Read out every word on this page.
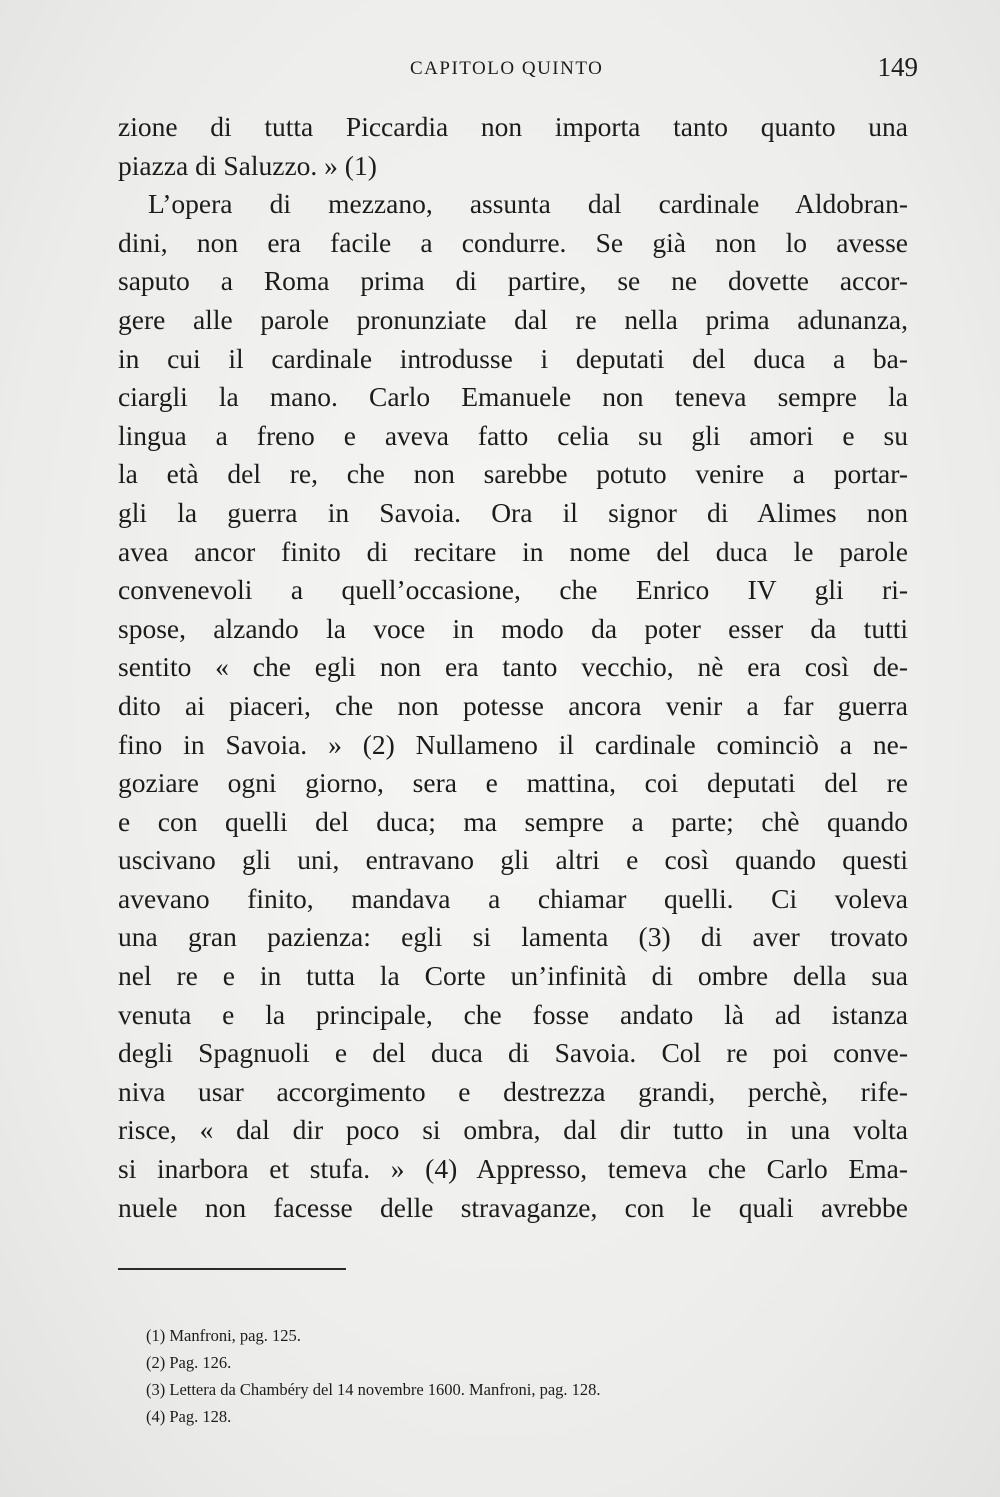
CAPITOLO QUINTO	149
zione di tutta Piccardia non importa tanto quanto una
piazza di Saluzzo. » (1)
L’opera di mezzano, assunta dal cardinale Aldobran-
dini, non era facile a condurre. Se già non lo avesse
saputo a Roma prima di partire, se ne dovette accor-
gere alle parole pronunziate dal re nella prima adunanza,
in cui il cardinale introdusse i deputati del duca a ba-
ciargli la mano. Carlo Emanuele non teneva sempre la
lingua a freno e aveva fatto celia su gli amori e su
la età del re, che non sarebbe potuto venire a portar-
gli la guerra in Savoia. Ora il signor di Alimes non
avea ancor finito di recitare in nome del duca le parole
convenevoli a quell’occasione, che Enrico IV gli ri-
spose, alzando la voce in modo da poter esser da tutti
sentito « che egli non era tanto vecchio, nè era così de-
dito ai piaceri, che non potesse ancora venir a far guerra
fino in Savoia. » (2) Nullameno il cardinale cominciò a ne-
goziare ogni giorno, sera e mattina, coi deputati del re
e con quelli del duca; ma sempre a parte; chè quando
uscivano gli uni, entravano gli altri e così quando questi
avevano finito, mandava a chiamar quelli. Ci voleva
una gran pazienza: egli si lamenta (3) di aver trovato
nel re e in tutta la Corte un’infinità di ombre della sua
venuta e la principale, che fosse andato là ad istanza
degli Spagnuoli e del duca di Savoia. Col re poi conve-
niva usar accorgimento e destrezza grandi, perchè, rife-
risce, « dal dir poco si ombra, dal dir tutto in una volta
si inarbora et stufa. » (4) Appresso, temeva che Carlo Ema-
nuele non facesse delle stravaganze, con le quali avrebbe
(1) Manfroni, pag. 125.
(2) Pag. 126.
(3) Lettera da Chambéry del 14 novembre 1600. Manfroni, pag. 128.
(4) Pag. 128.
